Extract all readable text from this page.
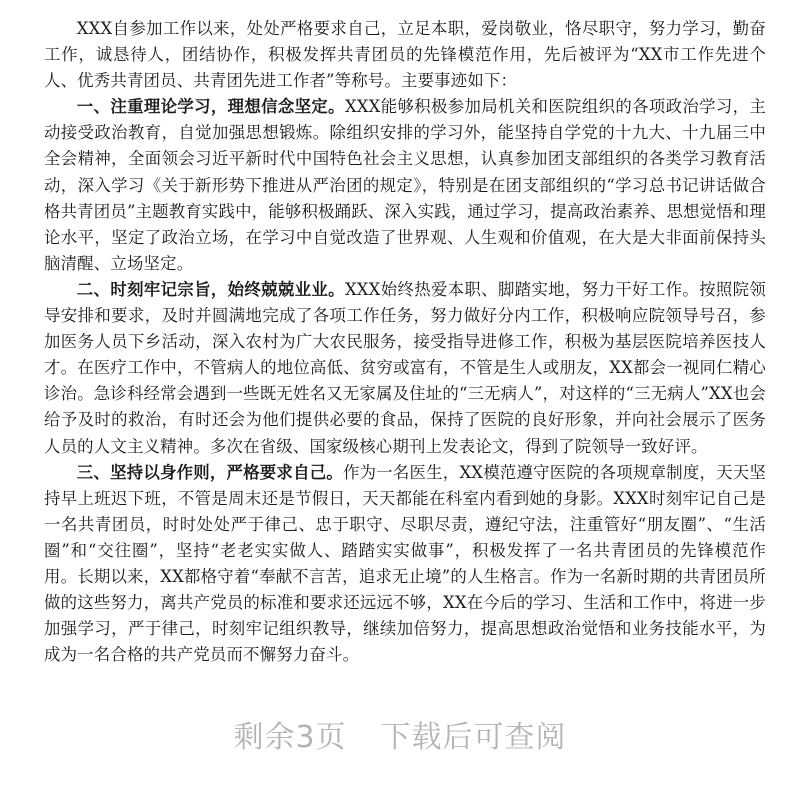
XXX自参加工作以来，处处严格要求自己，立足本职，爱岗敬业，恪尽职守，努力学习，勤奋工作，诚恳待人，团结协作，积极发挥共青团员的先锋模范作用，先后被评为“XX市工作先进个人、优秀共青团员、共青团先进工作者”等称号。主要事迹如下：

一、注重理论学习，理想信念坚定。XXX能够积极参加局机关和医院组织的各项政治学习，主动接受政治教育，自觉加强思想锻炼。除组织安排的学习外，能坚持自学党的十九大、十九届三中全会精神，全面领会习近平新时代中国特色社会主义思想，认真参加团支部组织的各类学习教育活动，深入学习《关于新形势下推进从严治团的规定》，特别是在团支部组织的“学习总书记讲话做合格共青团员”主题教育实践中，能够积极踊跃、深入实践，通过学习，提高政治素养、思想觉悟和理论水平，坚定了政治立场，在学习中自觉改造了世界观、人生观和价值观，在大是大非面前保持头脑清醒、立场坚定。

二、时刻牢记宗旨，始终兢兢业业。XXX始终热爱本职、脚踏实地，努力干好工作。按照院领导安排和要求，及时并圆满地完成了各项工作任务，努力做好分内工作，积极响应院领导号召，参加医务人员下乡活动，深入农村为广大农民服务，接受指导进修工作，积极为基层医院培养医技人才。在医疗工作中，不管病人的地位高低、贫穷或富有，不管是生人或朋友，XX都会一视同仁精心诊治。急诊科经常会遇到一些既无姓名又无家属及住址的“三无病人”，对这样的“三无病人”XX也会给予及时的救治，有时还会为他们提供必要的食品，保持了医院的良好形象，并向社会展示了医务人员的人文主义精神。多次在省级、国家级核心期刊上发表论文，得到了院领导一致好评。

三、坚持以身作则，严格要求自己。作为一名医生，XX模范遵守医院的各项规章制度，天天坚持早上班迟下班，不管是周末还是节假日，天天都能在科室内看到她的身影。XXX时刻牢记自己是一名共青团员，时时处处严于律己、忠于职守、尽职尽责，遵纪守法，注重管好“朋友圈”、“生活圈”和“交往圈”，坚持“老老实实做人、踏踏实实做事”，积极发挥了一名共青团员的先锋模范作用。长期以来，XX都格守着“奉献不言苦，追求无止境”的人生格言。作为一名新时期的共青团员所做的这些努力，离共产党员的标准和要求还远远不够，XX在今后的学习、生活和工作中，将进一步加强学习，严于律己，时刻牢记组织教导，继续加倍努力，提高思想政治觉悟和业务技能水平，为成为一名合格的共产党员而不懈努力奋斗。

剩余3页 下载后可查阅
